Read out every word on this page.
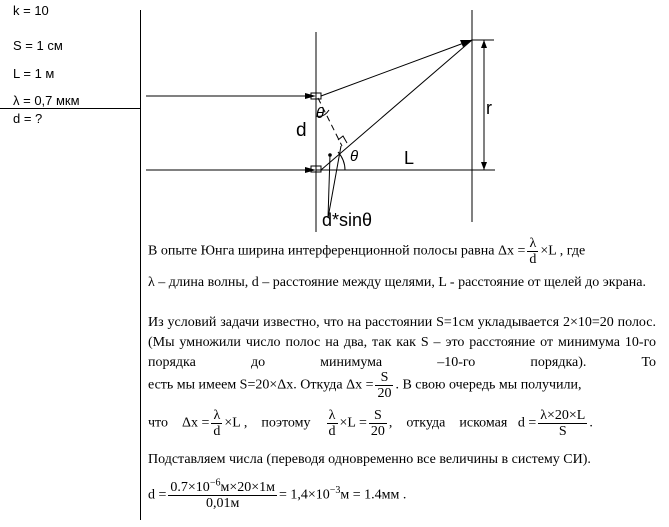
k = 10
S = 1 см
L = 1 м
λ = 0,7 мкм
d = ?
d
θ
θ	L
r
d*sinθ
В опыте Юнга ширина интерференционной полосы равна $\Delta x = \frac{\lambda}{d} \times L$ , где
λ – длина волны, d – расстояние между щелями, L - расстояние от щелей до экрана.
Из условий задачи известно, что на расстоянии S=1см укладывается 2×10=20 полос. (Мы умножили число полос на два, так как S – это расстояние от минимума 10-го порядка до минимума –10-го порядка). То
есть мы имеем S=20×Δx. Откуда $\Delta x = \frac{S}{20}$ . В свою очередь мы получили,
что $\Delta x = \frac{\lambda}{d} \times L$ , поэтому $\frac{\lambda}{d} \times L = \frac{S}{20}$ , откуда искомая $d = \frac{\lambda\times 20\times L}{S}$ .
Подставляем числа (переводя одновременно все величины в систему СИ).
$d = \frac{0.7\times 10^{-6}м\times 20\times 1м}{0,01м} = 1,4\times 10^{-3}м = 1.4мм$ .
